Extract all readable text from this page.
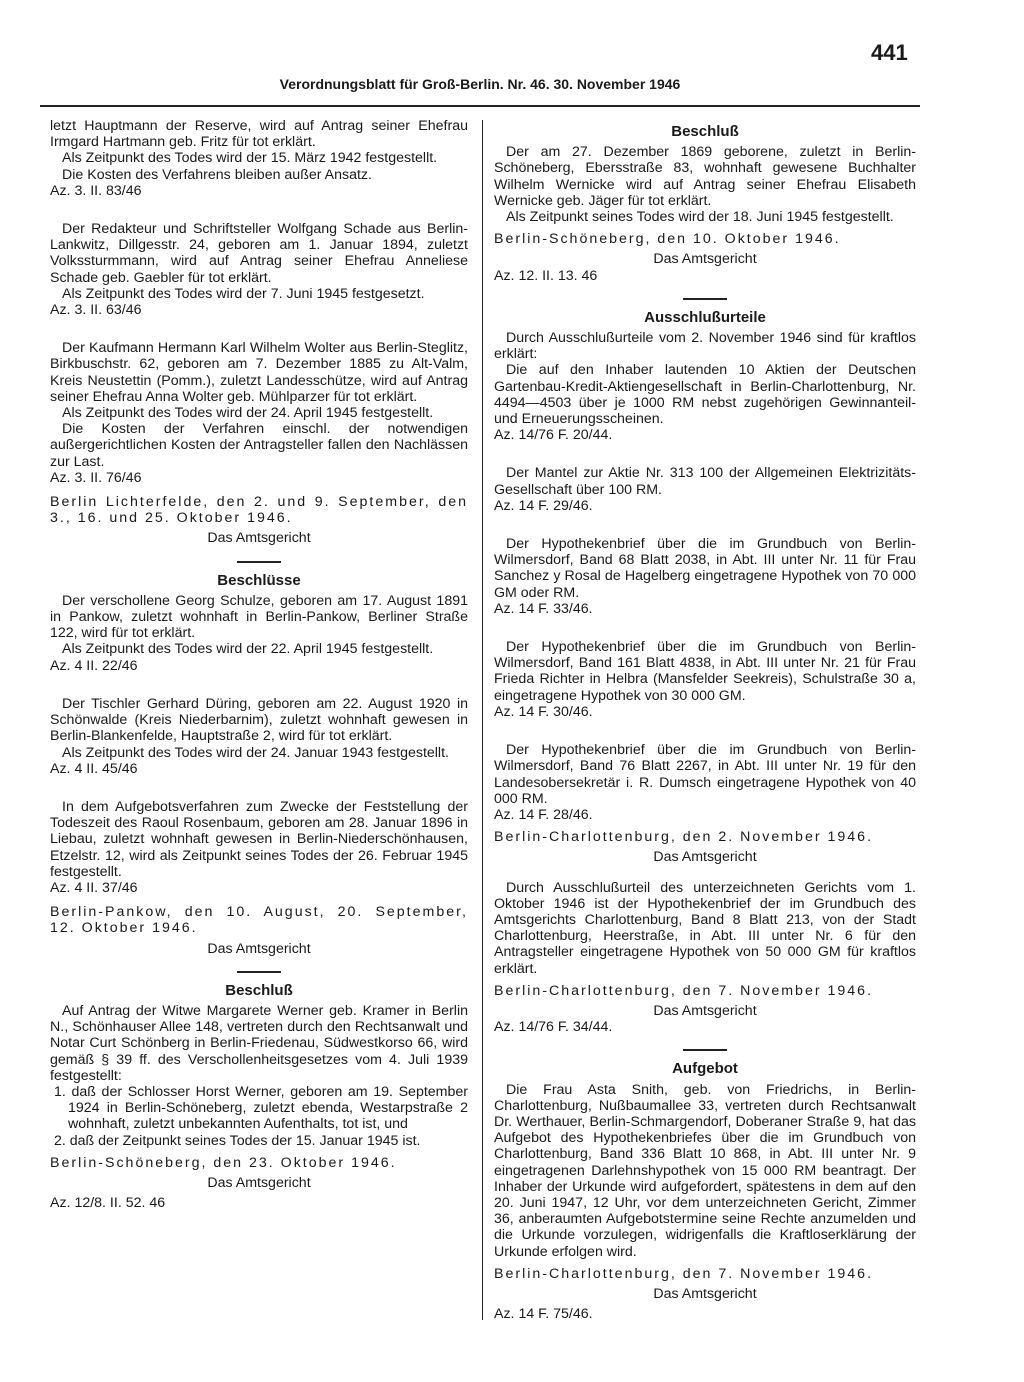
441
Verordnungsblatt für Groß-Berlin. Nr. 46. 30. November 1946

letzt Hauptmann der Reserve, wird auf Antrag seiner Ehefrau Irmgard Hartmann geb. Fritz für tot erklärt.

Als Zeitpunkt des Todes wird der 15. März 1942 festgestellt.

Die Kosten des Verfahrens bleiben außer Ansatz.

Az. 3. II. 83/46

Der Redakteur und Schriftsteller Wolfgang Schade aus Berlin-Lankwitz, Dillgesstr. 24, geboren am 1. Januar 1894, zuletzt Volkssturmmann, wird auf Antrag seiner Ehefrau Anneliese Schade geb. Gaebler für tot erklärt.

Als Zeitpunkt des Todes wird der 7. Juni 1945 festgesetzt.

Az. 3. II. 63/46

Der Kaufmann Hermann Karl Wilhelm Wolter aus Berlin-Steglitz, Birkbuschstr. 62, geboren am 7. Dezember 1885 zu Alt-Valm, Kreis Neustettin (Pomm.), zuletzt Landesschütze, wird auf Antrag seiner Ehefrau Anna Wolter geb. Mühlparzer für tot erklärt.

Als Zeitpunkt des Todes wird der 24. April 1945 festgestellt.

Die Kosten der Verfahren einschl. der notwendigen außergerichtlichen Kosten der Antragsteller fallen den Nachlässen zur Last.

Az. 3. II. 76/46

Berlin Lichterfelde, den 2. und 9. September, den 3., 16. und 25. Oktober 1946.

Das Amtsgericht

Beschlüsse

Der verschollene Georg Schulze, geboren am 17. August 1891 in Pankow, zuletzt wohnhaft in Berlin-Pankow, Berliner Straße 122, wird für tot erklärt.

Als Zeitpunkt des Todes wird der 22. April 1945 festgestellt.

Az. 4 II. 22/46

Der Tischler Gerhard Düring, geboren am 22. August 1920 in Schönwalde (Kreis Niederbarnim), zuletzt wohnhaft gewesen in Berlin-Blankenfelde, Hauptstraße 2, wird für tot erklärt.

Als Zeitpunkt des Todes wird der 24. Januar 1943 festgestellt.

Az. 4 II. 45/46

In dem Aufgebotsverfahren zum Zwecke der Feststellung der Todeszeit des Raoul Rosenbaum, geboren am 28. Januar 1896 in Liebau, zuletzt wohnhaft gewesen in Berlin-Niederschönhausen, Etzelstr. 12, wird als Zeitpunkt seines Todes der 26. Februar 1945 festgestellt.

Az. 4 II. 37/46

Berlin-Pankow, den 10. August, 20. September, 12. Oktober 1946.

Das Amtsgericht

Beschluß

Auf Antrag der Witwe Margarete Werner geb. Kramer in Berlin N., Schönhauser Allee 148, vertreten durch den Rechtsanwalt und Notar Curt Schönberg in Berlin-Friedenau, Südwestkorso 66, wird gemäß § 39 ff. des Verschollenheitsgesetzes vom 4. Juli 1939 festgestellt:

1. daß der Schlosser Horst Werner, geboren am 19. September 1924 in Berlin-Schöneberg, zuletzt ebenda, Westarpstraße 2 wohnhaft, zuletzt unbekannten Aufenthalts, tot ist, und

2. daß der Zeitpunkt seines Todes der 15. Januar 1945 ist.

Berlin-Schöneberg, den 23. Oktober 1946.

Das Amtsgericht

Az. 12/8. II. 52. 46

Beschluß

Der am 27. Dezember 1869 geborene, zuletzt in Berlin-Schöneberg, Ebersstraße 83, wohnhaft gewesene Buchhalter Wilhelm Wernicke wird auf Antrag seiner Ehefrau Elisabeth Wernicke geb. Jäger für tot erklärt.

Als Zeitpunkt seines Todes wird der 18. Juni 1945 festgestellt.

Berlin-Schöneberg, den 10. Oktober 1946.

Das Amtsgericht

Az. 12. II. 13. 46

Ausschlußurteile

Durch Ausschlußurteile vom 2. November 1946 sind für kraftlos erklärt:

Die auf den Inhaber lautenden 10 Aktien der Deutschen Gartenbau-Kredit-Aktiengesellschaft in Berlin-Charlottenburg, Nr. 4494—4503 über je 1000 RM nebst zugehörigen Gewinnanteil- und Erneuerungsscheinen.

Az. 14/76 F. 20/44.

Der Mantel zur Aktie Nr. 313 100 der Allgemeinen Elektrizitäts-Gesellschaft über 100 RM.

Az. 14 F. 29/46.

Der Hypothekenbrief über die im Grundbuch von Berlin-Wilmersdorf, Band 68 Blatt 2038, in Abt. III unter Nr. 11 für Frau Sanchez y Rosal de Hagelberg eingetragene Hypothek von 70 000 GM oder RM.

Az. 14 F. 33/46.

Der Hypothekenbrief über die im Grundbuch von Berlin-Wilmersdorf, Band 161 Blatt 4838, in Abt. III unter Nr. 21 für Frau Frieda Richter in Helbra (Mansfelder Seekreis), Schulstraße 30 a, eingetragene Hypothek von 30 000 GM.

Az. 14 F. 30/46.

Der Hypothekenbrief über die im Grundbuch von Berlin-Wilmersdorf, Band 76 Blatt 2267, in Abt. III unter Nr. 19 für den Landesobersekretär i. R. Dumsch eingetragene Hypothek von 40 000 RM.

Az. 14 F. 28/46.

Berlin-Charlottenburg, den 2. November 1946.

Das Amtsgericht

Durch Ausschlußurteil des unterzeichneten Gerichts vom 1. Oktober 1946 ist der Hypothekenbrief der im Grundbuch des Amtsgerichts Charlottenburg, Band 8 Blatt 213, von der Stadt Charlottenburg, Heerstraße, in Abt. III unter Nr. 6 für den Antragsteller eingetragene Hypothek von 50 000 GM für kraftlos erklärt.

Berlin-Charlottenburg, den 7. November 1946.

Das Amtsgericht

Az. 14/76 F. 34/44.

Aufgebot

Die Frau Asta Snith, geb. von Friedrichs, in Berlin-Charlottenburg, Nußbaumallee 33, vertreten durch Rechtsanwalt Dr. Werthauer, Berlin-Schmargendorf, Doberaner Straße 9, hat das Aufgebot des Hypothekenbriefes über die im Grundbuch von Charlottenburg, Band 336 Blatt 10 868, in Abt. III unter Nr. 9 eingetragenen Darlehnshypothek von 15 000 RM beantragt. Der Inhaber der Urkunde wird aufgefordert, spätestens in dem auf den 20. Juni 1947, 12 Uhr, vor dem unterzeichneten Gericht, Zimmer 36, anberaumten Aufgebotstermine seine Rechte anzumelden und die Urkunde vorzulegen, widrigenfalls die Kraftloserklärung der Urkunde erfolgen wird.

Berlin-Charlottenburg, den 7. November 1946.

Das Amtsgericht

Az. 14 F. 75/46.
